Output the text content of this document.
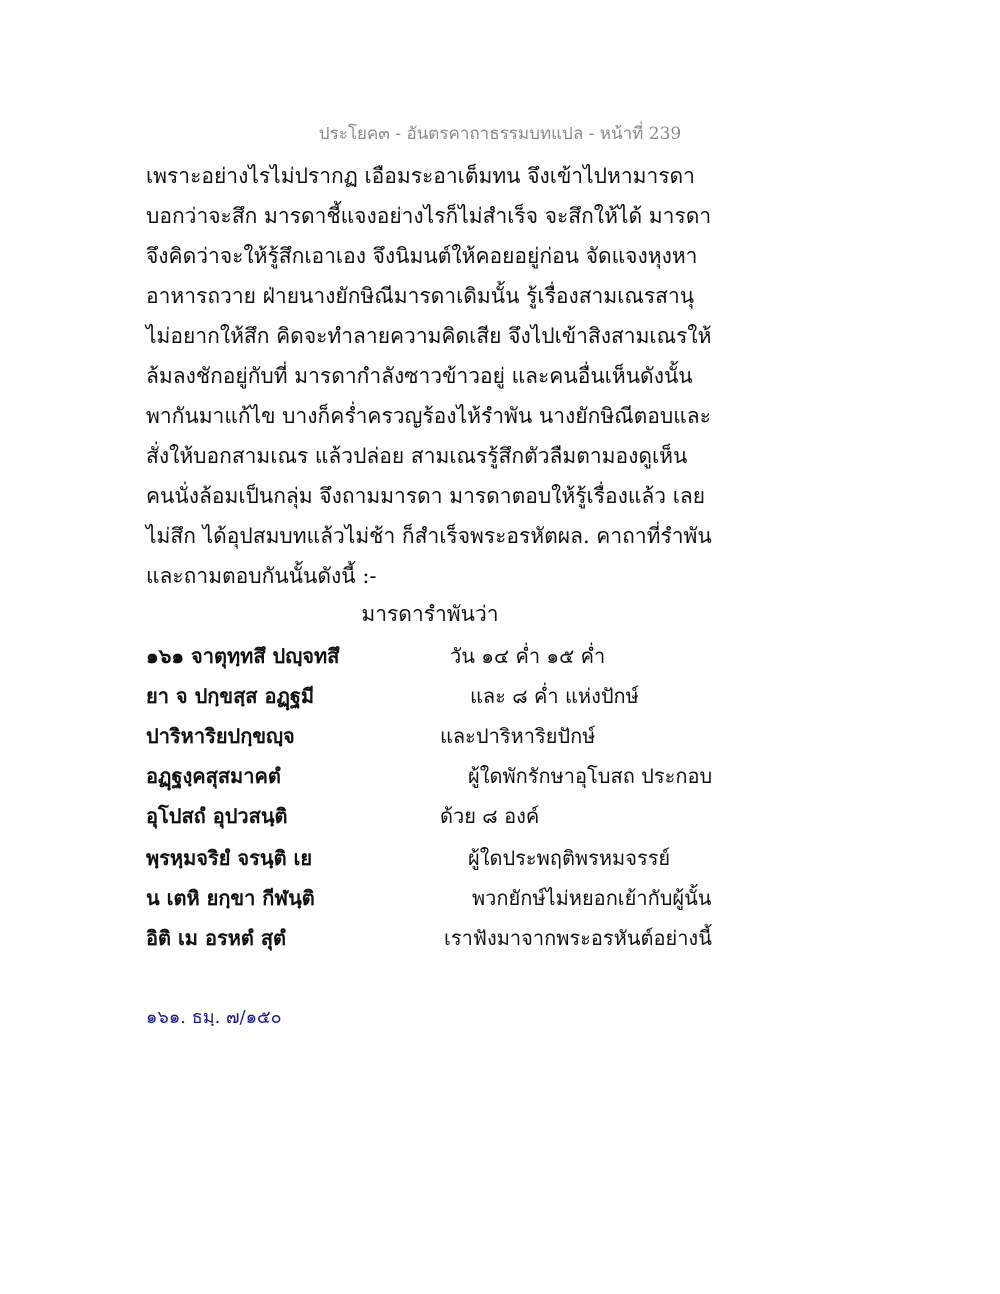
ประโยค๓ - อันตรคาถาธรรมบทแปล - หน้าที่ 239
เพราะอย่างไรไม่ปรากฏ เอือมระอาเต็มทน จึงเข้าไปหามารดา
บอกว่าจะสึก มารดาชี้แจงอย่างไรก็ไม่สำเร็จ จะสึกให้ได้ มารดา
จึงคิดว่าจะให้รู้สึกเอาเอง จึงนิมนต์ให้คอยอยู่ก่อน จัดแจงหุงหา
อาหารถวาย ฝ่ายนางยักษิณีมารดาเดิมนั้น รู้เรื่องสามเณรสานุ
ไม่อยากให้สึก คิดจะทำลายความคิดเสีย จึงไปเข้าสิงสามเณรให้
ล้มลงชักอยู่กับที่ มารดากำลังซาวข้าวอยู่ และคนอื่นเห็นดังนั้น
พากันมาแก้ไข บางก็คร่ำครวญร้องไห้รำพัน นางยักษิณีตอบและ
สั่งให้บอกสามเณร แล้วปล่อย สามเณรรู้สึกตัวลืมตามองดูเห็น
คนนั่งล้อมเป็นกลุ่ม จึงถามมารดา มารดาตอบให้รู้เรื่องแล้ว เลย
ไม่สึก ได้อุปสมบทแล้วไม่ช้า ก็สำเร็จพระอรหัตผล. คาถาที่รำพัน
และถามตอบกันนั้นดังนี้ :-
มารดารำพันว่า
๑๖๑ จาตุทฺทสึ ปญฺจทสึ	วัน ๑๔ ค่ำ ๑๕ ค่ำ
ยา จ ปกฺขสฺส อฏฺฐมี	และ ๘ ค่ำ แห่งปักษ์
ปาริหาริยปกฺขญฺจ	และปาริหาริยปักษ์
อฏฺฐงฺคสุสมาคตํ	ผู้ใดพักรักษาอุโบสถ ประกอบ
อุโปสถํ อุปวสนฺติ	ด้วย ๘ องค์
พฺรหฺมจริยํ จรนฺติ เย	ผู้ใดประพฤติพรหมจรรย์
น เตหิ ยกฺขา กีฬนฺติ	พวกยักษ์ไม่หยอกเย้ากับผู้นั้น
อิติ เม อรหตํ สุตํ	เราฟังมาจากพระอรหันต์อย่างนี้
๑๖๑. ธมฺ. ๗/๑๕๐
